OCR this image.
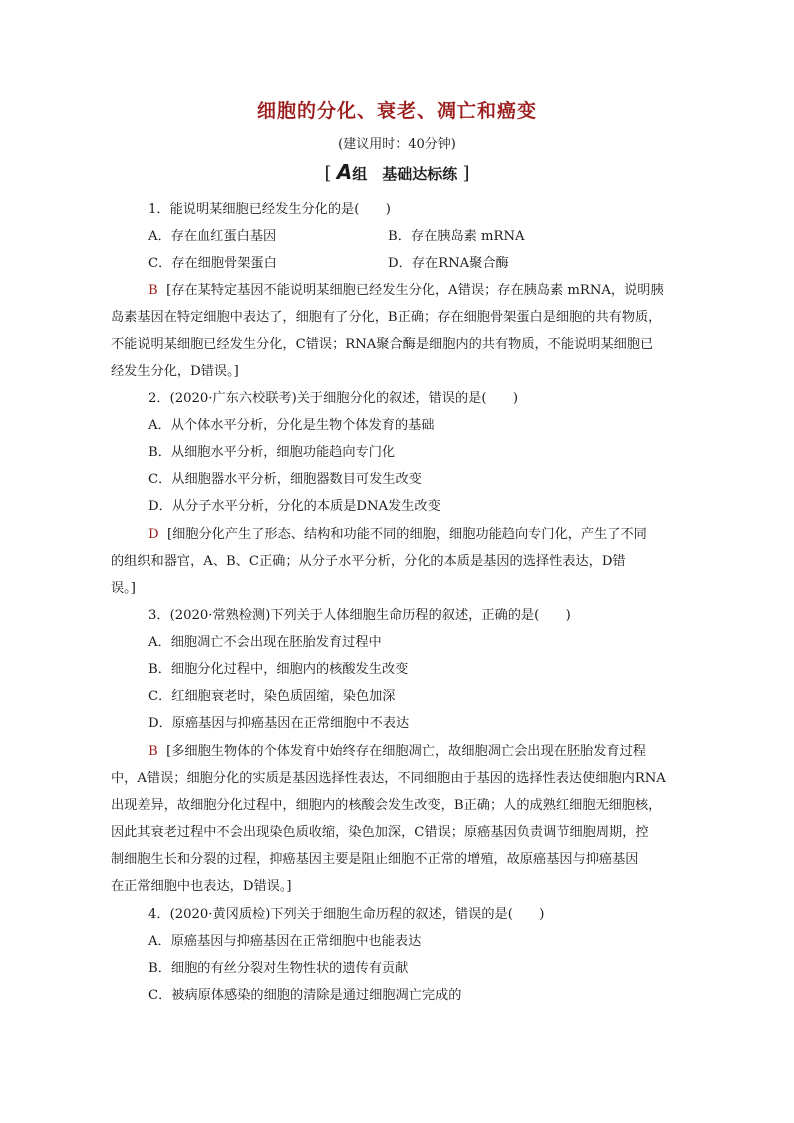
细胞的分化、衰老、凋亡和癌变
(建议用时：40分钟)
[ A组　基础达标练 ]
1．能说明某细胞已经发生分化的是(　　)
A．存在血红蛋白基因	B．存在胰岛素 mRNA
C．存在细胞骨架蛋白	D．存在RNA聚合酶
B [存在某特定基因不能说明某细胞已经发生分化，A错误；存在胰岛素 mRNA，说明胰
岛素基因在特定细胞中表达了，细胞有了分化，B正确；存在细胞骨架蛋白是细胞的共有物质，
不能说明某细胞已经发生分化，C错误；RNA聚合酶是细胞内的共有物质，不能说明某细胞已
经发生分化，D错误。]
2．(2020·广东六校联考)关于细胞分化的叙述，错误的是(　　)
A．从个体水平分析，分化是生物个体发育的基础
B．从细胞水平分析，细胞功能趋向专门化
C．从细胞器水平分析，细胞器数目可发生改变
D．从分子水平分析，分化的本质是DNA发生改变
D [细胞分化产生了形态、结构和功能不同的细胞，细胞功能趋向专门化，产生了不同
的组织和器官，A、B、C正确；从分子水平分析，分化的本质是基因的选择性表达，D错
误。]
3．(2020·常熟检测)下列关于人体细胞生命历程的叙述，正确的是(　　)
A．细胞凋亡不会出现在胚胎发育过程中
B．细胞分化过程中，细胞内的核酸发生改变
C．红细胞衰老时，染色质固缩，染色加深
D．原癌基因与抑癌基因在正常细胞中不表达
B [多细胞生物体的个体发育中始终存在细胞凋亡，故细胞凋亡会出现在胚胎发育过程
中，A错误；细胞分化的实质是基因选择性表达，不同细胞由于基因的选择性表达使细胞内RNA
出现差异，故细胞分化过程中，细胞内的核酸会发生改变，B正确；人的成熟红细胞无细胞核，
因此其衰老过程中不会出现染色质收缩，染色加深，C错误；原癌基因负责调节细胞周期，控
制细胞生长和分裂的过程，抑癌基因主要是阻止细胞不正常的增殖，故原癌基因与抑癌基因
在正常细胞中也表达，D错误。]
4．(2020·黄冈质检)下列关于细胞生命历程的叙述，错误的是(　　)
A．原癌基因与抑癌基因在正常细胞中也能表达
B．细胞的有丝分裂对生物性状的遗传有贡献
C．被病原体感染的细胞的清除是通过细胞凋亡完成的
